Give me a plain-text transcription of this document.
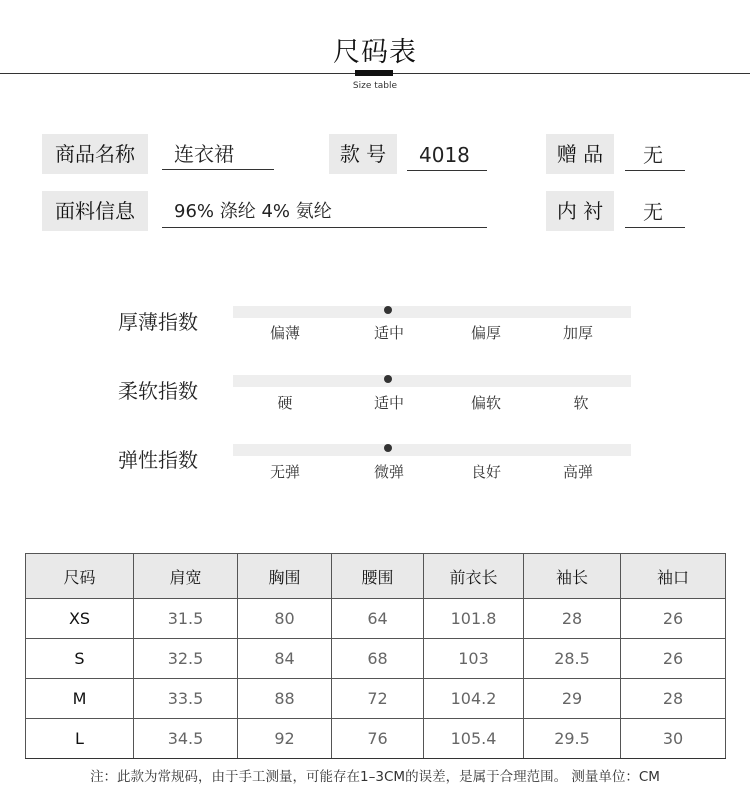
尺码表
Size table
商品名称	连衣裙	款 号	4018	赠 品	无
面料信息	96% 涤纶 4% 氨纶	内 衬	无
厚薄指数	偏薄	适中	偏厚	加厚
柔软指数	硬	适中	偏软	软
弹性指数	无弹	微弹	良好	高弹
尺码	肩宽	胸围	腰围	前衣长	袖长	袖口
XS	31.5	80	64	101.8	28	26
S	32.5	84	68	103	28.5	26
M	33.5	88	72	104.2	29	28
L	34.5	92	76	105.4	29.5	30
注：此款为常规码，由于手工测量，可能存在1–3CM的误差，是属于合理范围。 测量单位：CM
